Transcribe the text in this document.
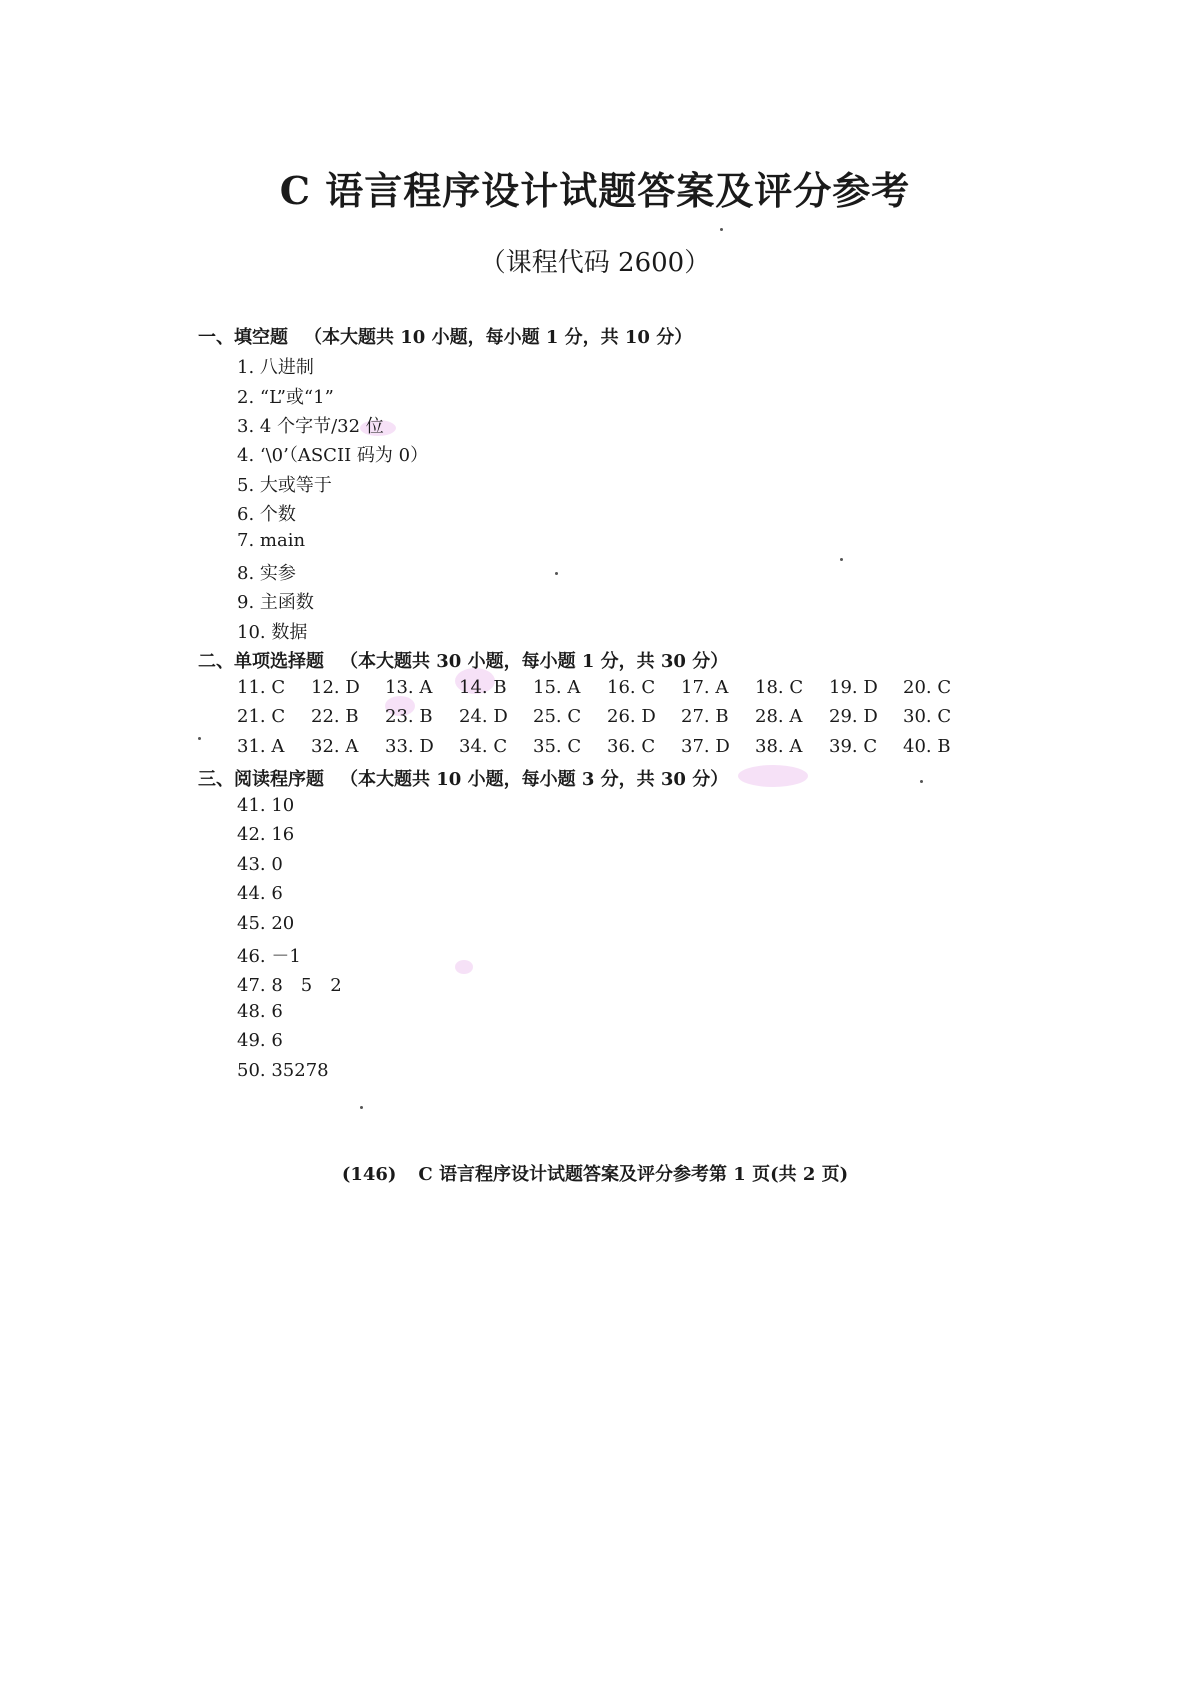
C 语言程序设计试题答案及评分参考
（课程代码 2600）
一、填空题 （本大题共 10 小题，每小题 1 分，共 10 分）
1. 八进制
2. “L”或“1”
3. 4 个字节/32 位
4. ‘\0’（ASCII 码为 0）
5. 大或等于
6. 个数
7. main
8. 实参
9. 主函数
10. 数据
二、单项选择题 （本大题共 30 小题，每小题 1 分，共 30 分）
11. C 12. D 13. A 14. B 15. A 16. C 17. A 18. C 19. D 20. C
21. C 22. B 23. B 24. D 25. C 26. D 27. B 28. A 29. D 30. C
31. A 32. A 33. D 34. C 35. C 36. C 37. D 38. A 39. C 40. B
三、阅读程序题 （本大题共 10 小题，每小题 3 分，共 30 分）
41. 10
42. 16
43. 0
44. 6
45. 20
46. －1
47. 8　5　2
48. 6
49. 6
50. 35278
(146) C 语言程序设计试题答案及评分参考第 1 页(共 2 页)
